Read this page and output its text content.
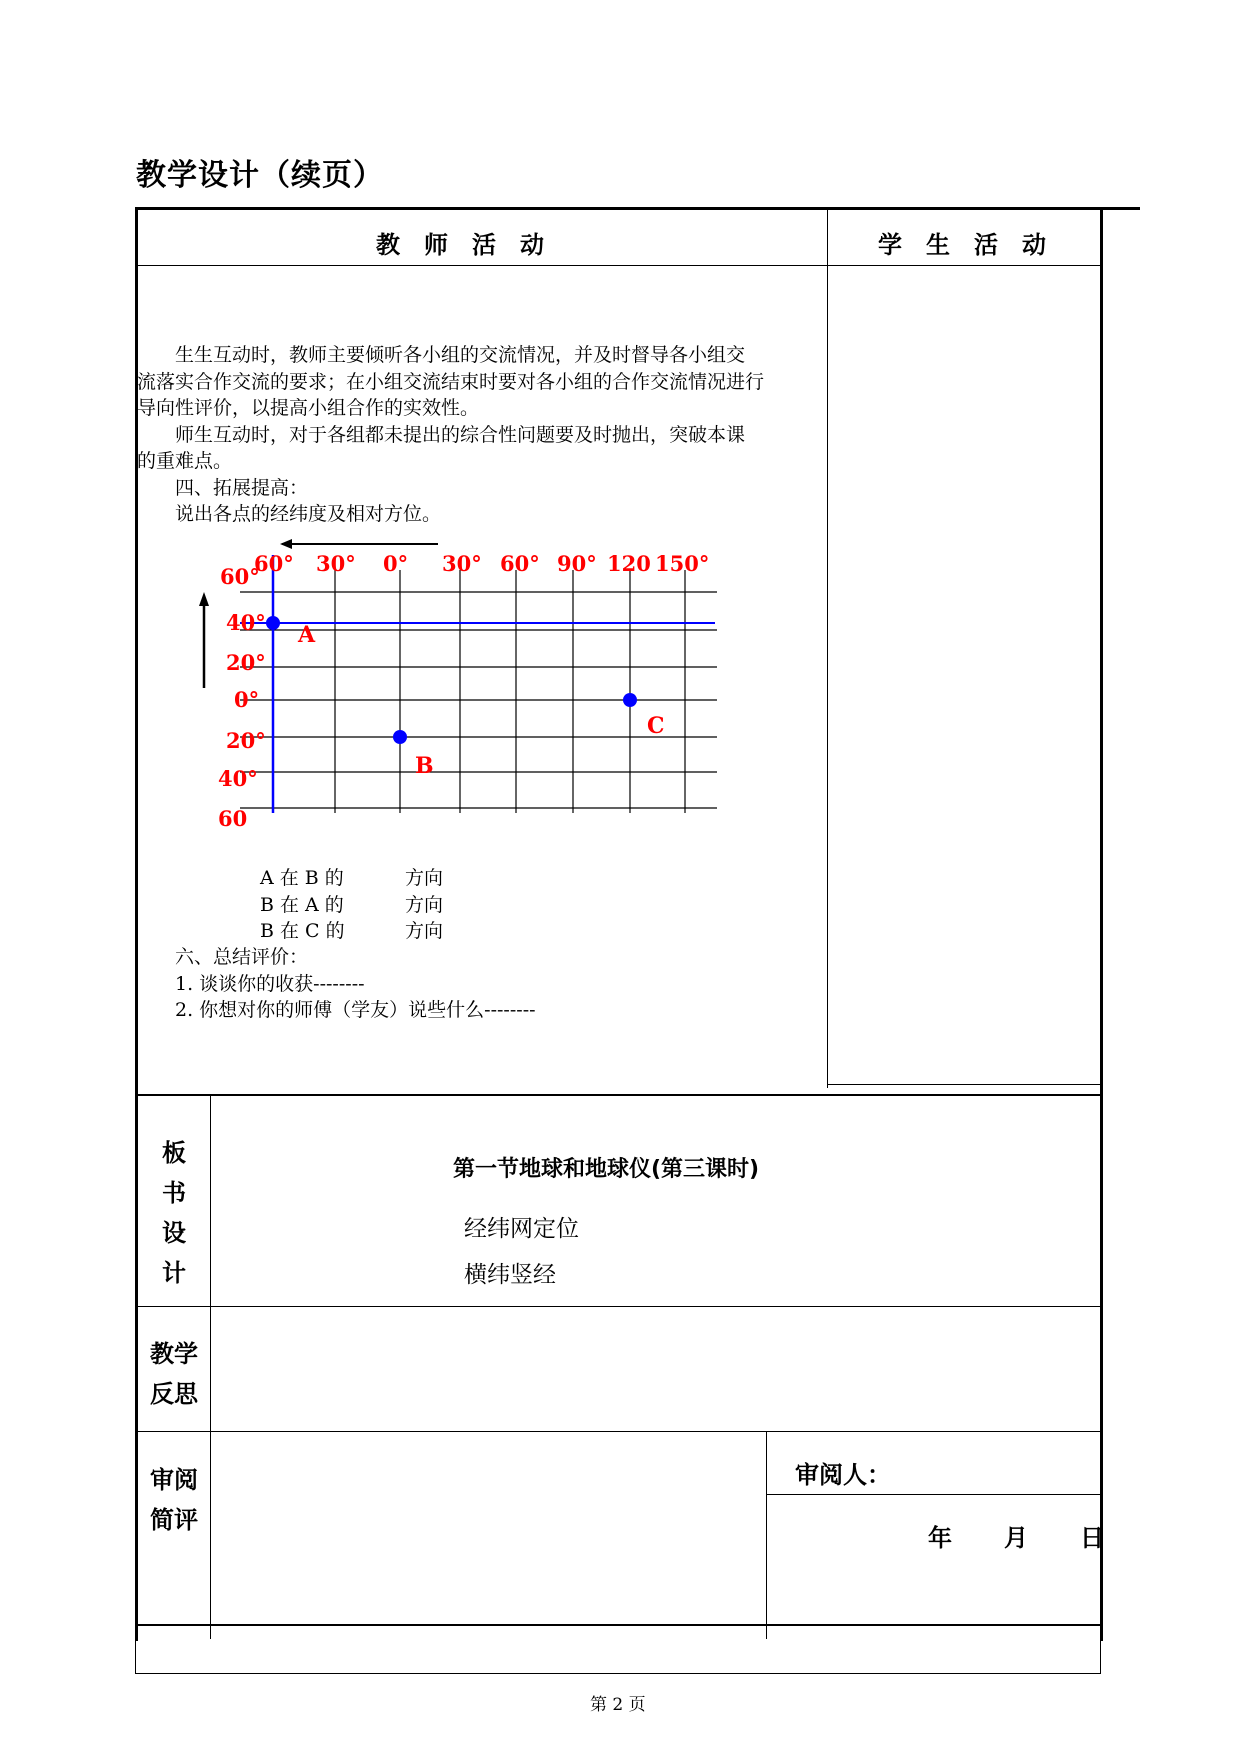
教学设计（续页）
教　师　活　动	学　生　活　动
　　生生互动时，教师主要倾听各小组的交流情况，并及时督导各小组交
流落实合作交流的要求；在小组交流结束时要对各小组的合作交流情况进行
导向性评价，以提高小组合作的实效性。
　　师生互动时，对于各组都未提出的综合性问题要及时抛出，突破本课
的重难点。
　　四、拓展提高：
　　说出各点的经纬度及相对方位。
60° 30° 0° 30° 60° 90° 120 150°
60°
40°
20°
0°
20°
40°
60
A
B
C
A 在 B 的	方向
B 在 A 的	方向
B 在 C 的	方向
　　六、总结评价：
　　1. 谈谈你的收获--------
　　2. 你想对你的师傅（学友）说些什么--------
板
书
设
计
第一节地球和地球仪(第三课时)
经纬网定位
横纬竖经
教学
反思
审阅
简评
审阅人：
年 月 日
第 2 页
